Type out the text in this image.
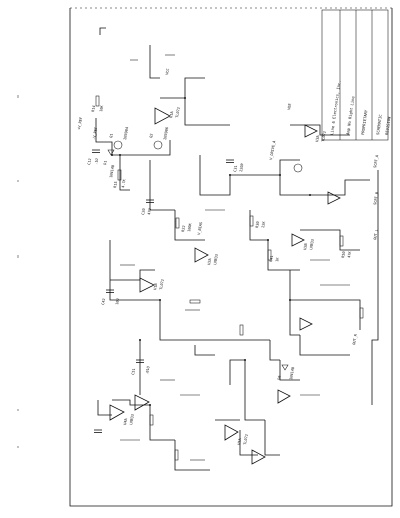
Line 6 Electronics, Inc. Amp No Right Line PROPRIETARY SCHEMATIC REVISION
V_DRIVE_A
SCRT_A
SCRT_B
OUT_L
OUT_R
-V_REF
+V_REF
V_BIAS
VCC
VEE
R14 10K
R15 4.7K
C12 .1U
U1A TL072
U1B TL072
Q1	2N3904	Q2	2N3906
D1
1N4148
R22 100K
C20 47U
U2A LM833
U2B LM833
R30 22K
C31 220P
U3A TL072
U4A LM833
R41 1K
C42 10U
U5A TL072
R50 47K
C51 .01U
D6 1N4148
